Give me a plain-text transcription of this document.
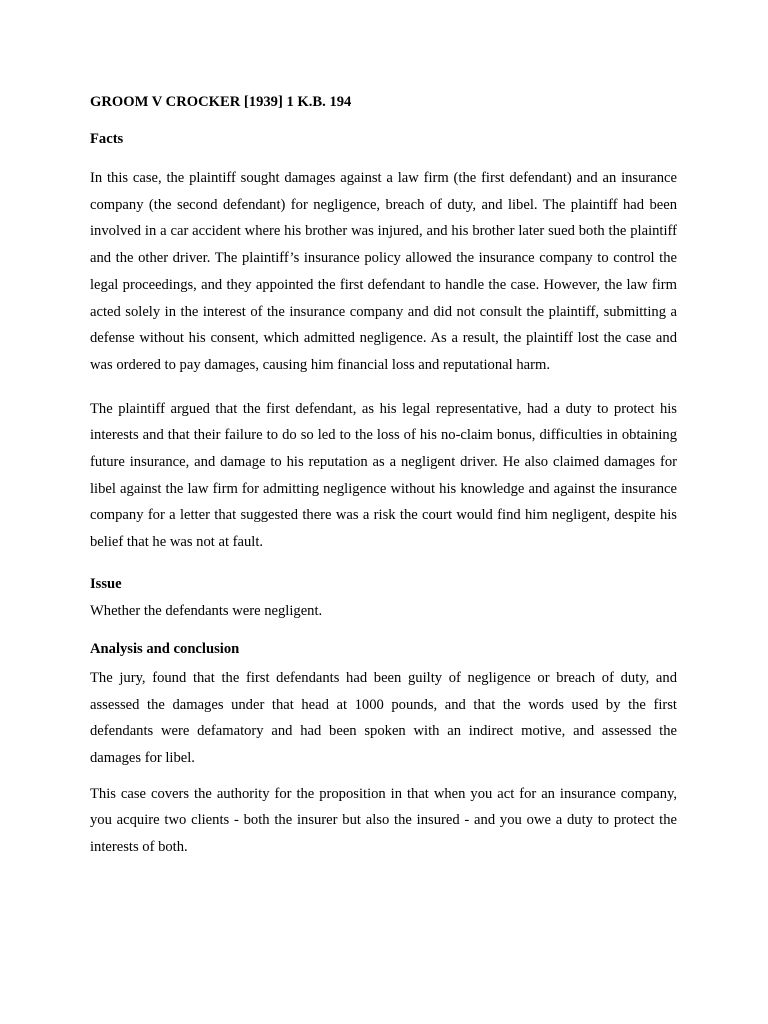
GROOM V CROCKER [1939] 1 K.B. 194

Facts

In this case, the plaintiff sought damages against a law firm (the first defendant) and an insurance company (the second defendant) for negligence, breach of duty, and libel. The plaintiff had been involved in a car accident where his brother was injured, and his brother later sued both the plaintiff and the other driver. The plaintiff’s insurance policy allowed the insurance company to control the legal proceedings, and they appointed the first defendant to handle the case. However, the law firm acted solely in the interest of the insurance company and did not consult the plaintiff, submitting a defense without his consent, which admitted negligence. As a result, the plaintiff lost the case and was ordered to pay damages, causing him financial loss and reputational harm.

The plaintiff argued that the first defendant, as his legal representative, had a duty to protect his interests and that their failure to do so led to the loss of his no-claim bonus, difficulties in obtaining future insurance, and damage to his reputation as a negligent driver. He also claimed damages for libel against the law firm for admitting negligence without his knowledge and against the insurance company for a letter that suggested there was a risk the court would find him negligent, despite his belief that he was not at fault.

Issue

Whether the defendants were negligent.

Analysis and conclusion

The jury, found that the first defendants had been guilty of negligence or breach of duty, and assessed the damages under that head at 1000 pounds, and that the words used by the first defendants were defamatory and had been spoken with an indirect motive, and assessed the damages for libel.

This case covers the authority for the proposition in that when you act for an insurance company, you acquire two clients - both the insurer but also the insured - and you owe a duty to protect the interests of both.
